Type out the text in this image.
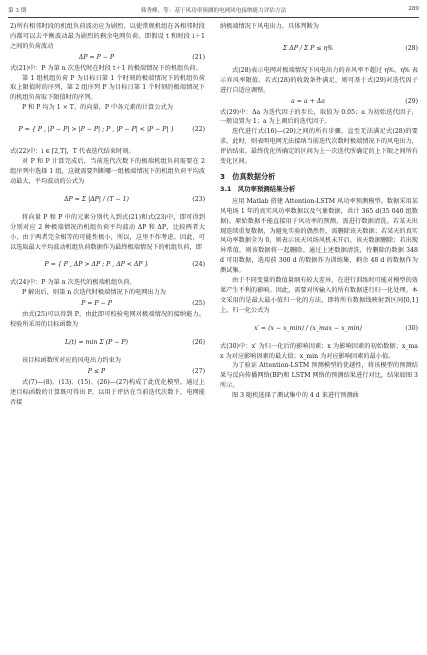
第 3 期	韩秀峰，等：基于风功率预测的电网风电接纳能力评估方法	289

2)所有相邻时段的机组负荷波动应为剧烈，以使常规机组在各相邻时段内都可以去平衡波动最为剧烈的剩余电网负荷。即假设 t 和时段 i＋1 之间的负荷波动

ΔP = P − P	(21)

式(21)中：P 为第 n 次迭代时在时段 t＋1 的极端情况下的机组负荷。

第 1 组机组负荷 P 为目标日第 1 个时刻的极端情况下的机组负荷取上限值时的序列，第 2 组序列 P 为目标日第 1 个时刻的极端情况下的机组负荷取下限值时的序列。

P 和 P 均为 1 × T，的向量，P 中各元素的计算公式为

P = { P , |P − P| > |P − P| ; P , |P − P| < |P − P| }	(22)

式(22)中：i ∈ [2,T]，T 代表迭代结束时刻。

对 P 和 P 计算完成后，当前迭代次数下的极端机组负荷需要在 2 组序列中选择 1 组，这就需要判断哪一组极端情况下的机组负荷平均波动最大，平均波动的公式为

ΔP = Σ |ΔP| / (T − 1)	(23)

将向量 P 和 P 中的元素分别代入到式(21)和式(23)中，即可得到分别对应 2 种极端情况的机组负荷平均波动 ΔP 和 ΔP，比较两者大小，由于两者完全相等的可能性极小，所以，这里不作考虑。因此，可以选取最大平均波动机组负荷数据作为最终极端情况下的机组负荷，即

P = { P , ΔP > ΔP ; P , ΔP < ΔP }	(24)

式(24)中：P 为第 n 次迭代的极端机组负荷。

P 解出后，则第 n 次迭代时极端情况下的电网出力为

P = P − P	(25)

由式(25)可以得到 P，由此即可校验电网对极端情况的接纳能力。校验所采用的目标函数为

L(t) = min Σ (P − P)	(26)

该目标函数所对应的风电出力约束为

P ≤ P	(27)

式(7)—(8)、(13)、(15)、(26)—(27)构成了此优化模型。通过上述目标函数的计算既可得出 P，以用于评估在当前迭代次数下，电网能否接

纳极端情况下风电出力，具体判断为

Σ ΔP / Σ P ≤ η%	(28)

式(28)表示电网对极端情况下风电出力的弃风率不超过 η%，η% 表示弃风率限值。若式(28)的收敛条件满足，则可基于式(29)对迭代因子进行自适应调整。

a = a + Δa	(29)

式(29)中：Δa 为迭代因子的步长，取值为 0.05；a 为初始迭代因子，一般设置为 1；a 为上调后的迭代因子。

迭代进行式(16)—(29)之间的所有步骤，直至无法满足式(28)的要求。此时，则表明电网无法接纳当前迭代次数时极端情况下的风电出力，评估结束。最终优化所确定的区间为上一次迭代所确定的上下限之间所有变化区间。

3　仿真数据分析
3.1　风功率预测结果分析

应用 Matlab 搭建 Attention-LSTM 风功率预测模型。数据采用某风电场 1 年的真实风功率数据以及气象数据，共计 365 d(35 040 组数据)。原始数据不能直接用于风功率的预测，需进行数据清洗。若某天出现连续重复数据，为避免实验的偶然性，需删除该天数据；若某天的真实风功率数据全为 0，则表示该天风场风机未开启，该天数据删除；若出现异常值，则该数据将一起删除。通过上述数据清洗，待删除的数据 348 d 可用数据，选用前 300 d 的数据作为训练集，剩余 48 d 的数据作为测试集。

由于不同变量的数值量纲有较大差异，在进行训练时可能对模型的效果产生不利的影响。因此，需要对所输入的所有数据进行归一化处理。本文采用的是最大最小值归一化的方法，即将所有数据线映射到区间[0,1]上，归一化公式为

x′ = (x − x_min) / (x_max − x_min)	(30)

式(30)中：x′ 为归一化后的影响因素；x 为影响因素的初始数据；x_max 为对应影响因素的最大值；x_min 为对应影响因素的最小值。

为了验证 Attention-LSTM 预测模型的优越性，将该模型的预测结果与反向传播网络(BP)和 LSTM 网络的预测结果进行对比，结果如图 3 所示。

图 3 随机选择了测试集中的 4 d 来进行预测曲
